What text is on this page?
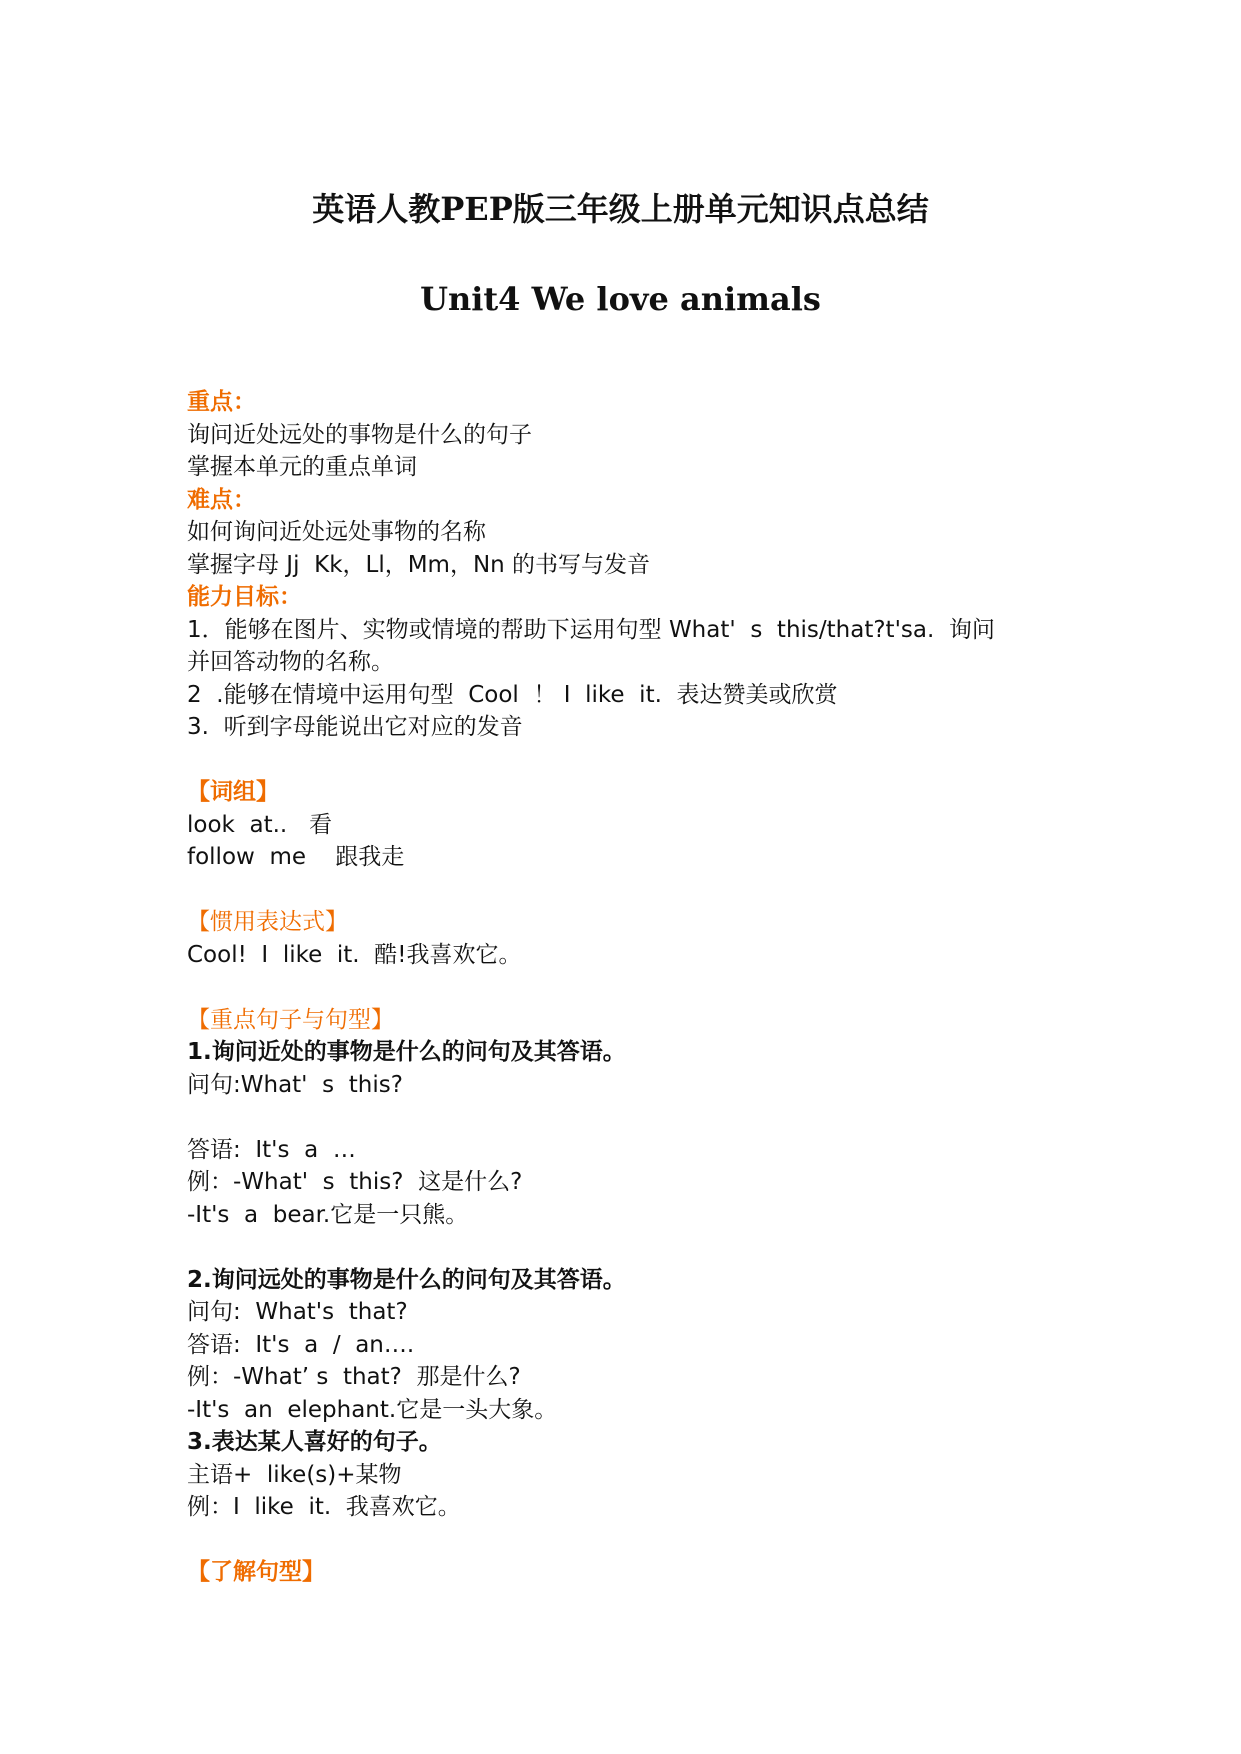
英语人教PEP版三年级上册单元知识点总结
Unit4 We love animals
重点：
询问近处远处的事物是什么的句子
掌握本单元的重点单词
难点：
如何询问近处远处事物的名称
掌握字母 Jj  Kk，Ll，Mm，Nn 的书写与发音
能力目标：
1．能够在图片、实物或情境的帮助下运用句型 What'  s  this/that?t'sa.  询问
并回答动物的名称。
2  .能够在情境中运用句型  Cool  ！ I  like  it.  表达赞美或欣赏
3.  听到字母能说出它对应的发音
【词组】
look  at..   看
follow  me    跟我走
【惯用表达式】
Cool!  I  like  it.  酷!我喜欢它。
【重点句子与句型】
1.询问近处的事物是什么的问句及其答语。
问句:What'  s  this?
答语:  It's  a  …
例：-What'  s  this?  这是什么?
-It's  a  bear.它是一只熊。
2.询问远处的事物是什么的问句及其答语。
问句:  What's  that?
答语:  It's  a  /  an….
例：-What’ s  that?  那是什么?
-It's  an  elephant.它是一头大象。
3.表达某人喜好的句子。
主语+  like(s)+某物
例：I  like  it.  我喜欢它。
【了解句型】
